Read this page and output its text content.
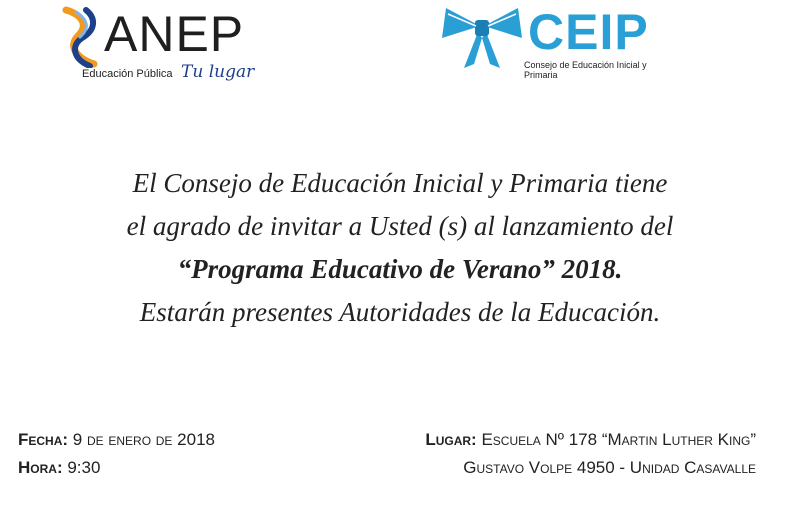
ANEP
Educación Pública Tu lugar
CEIP
Consejo de Educación Inicial y Primaria
El Consejo de Educación Inicial y Primaria tiene
el agrado de invitar a Usted (s) al lanzamiento del
“Programa Educativo de Verano” 2018.
Estarán presentes Autoridades de la Educación.
Fecha: 9 de enero de 2018
Hora: 9:30
Lugar: Escuela Nº 178 “Martin Luther King”
Gustavo Volpe 4950 - Unidad Casavalle
